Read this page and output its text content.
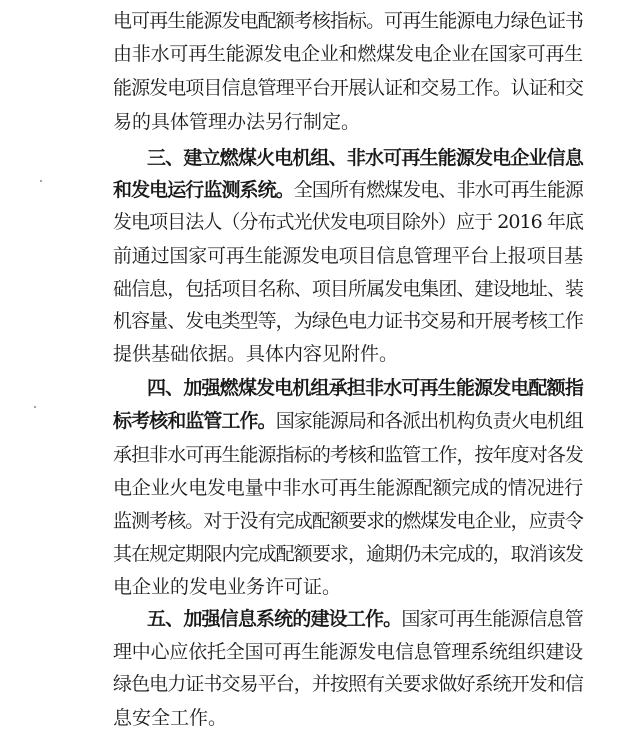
电可再生能源发电配额考核指标。可再生能源电力绿色证书
由非水可再生能源发电企业和燃煤发电企业在国家可再生
能源发电项目信息管理平台开展认证和交易工作。认证和交
易的具体管理办法另行制定。
三、建立燃煤火电机组、非水可再生能源发电企业信息
和发电运行监测系统。 全国所有燃煤发电、非水可再生能源
发电项目法人（分布式光伏发电项目除外）应于 2016 年底
前通过国家可再生能源发电项目信息管理平台上报项目基
础信息，包括项目名称、项目所属发电集团、建设地址、装
机容量、发电类型等，为绿色电力证书交易和开展考核工作
提供基础依据。具体内容见附件。
四、加强燃煤发电机组承担非水可再生能源发电配额指
标考核和监管工作。 国家能源局和各派出机构负责火电机组
承担非水可再生能源指标的考核和监管工作，按年度对各发
电企业火电发电量中非水可再生能源配额完成的情况进行
监测考核。对于没有完成配额要求的燃煤发电企业，应责令
其在规定期限内完成配额要求，逾期仍未完成的，取消该发
电企业的发电业务许可证。
五、加强信息系统的建设工作。 国家可再生能源信息管
理中心应依托全国可再生能源发电信息管理系统组织建设
绿色电力证书交易平台，并按照有关要求做好系统开发和信
息安全工作。
